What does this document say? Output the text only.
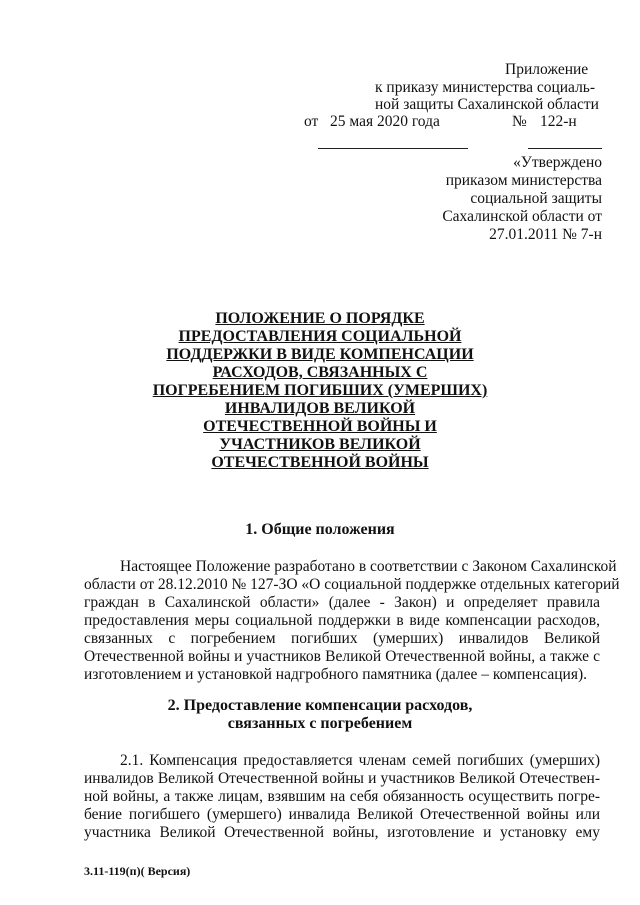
Приложение
к приказу министерства социаль-
ной защиты Сахалинской области
от 25 мая 2020 года	№ 122-н
«Утверждено
приказом министерства
социальной защиты
Сахалинской области от
27.01.2011 № 7-н
ПОЛОЖЕНИЕ О ПОРЯДКЕ
ПРЕДОСТАВЛЕНИЯ СОЦИАЛЬНОЙ
ПОДДЕРЖКИ В ВИДЕ КОМПЕНСАЦИИ
РАСХОДОВ, СВЯЗАННЫХ С
ПОГРЕБЕНИЕМ ПОГИБШИХ (УМЕРШИХ)
ИНВАЛИДОВ ВЕЛИКОЙ
ОТЕЧЕСТВЕННОЙ ВОЙНЫ И
УЧАСТНИКОВ ВЕЛИКОЙ
ОТЕЧЕСТВЕННОЙ ВОЙНЫ
1. Общие положения
Настоящее Положение разработано в соответствии с Законом Сахалинской
области от 28.12.2010 № 127-ЗО «О социальной поддержке отдельных категорий
граждан в Сахалинской области» (далее - Закон) и определяет правила
предоставления меры социальной поддержки в виде компенсации расходов,
связанных с погребением погибших (умерших) инвалидов Великой
Отечественной войны и участников Великой Отечественной войны, а также с
изготовлением и установкой надгробного памятника (далее – компенсация).
2. Предоставление компенсации расходов,
связанных с погребением
2.1. Компенсация предоставляется членам семей погибших (умерших)
инвалидов Великой Отечественной войны и участников Великой Отечествен-
ной войны, а также лицам, взявшим на себя обязанность осуществить погре-
бение погибшего (умершего) инвалида Великой Отечественной войны или
участника Великой Отечественной войны, изготовление и установку ему
3.11-119(п)( Версия)
